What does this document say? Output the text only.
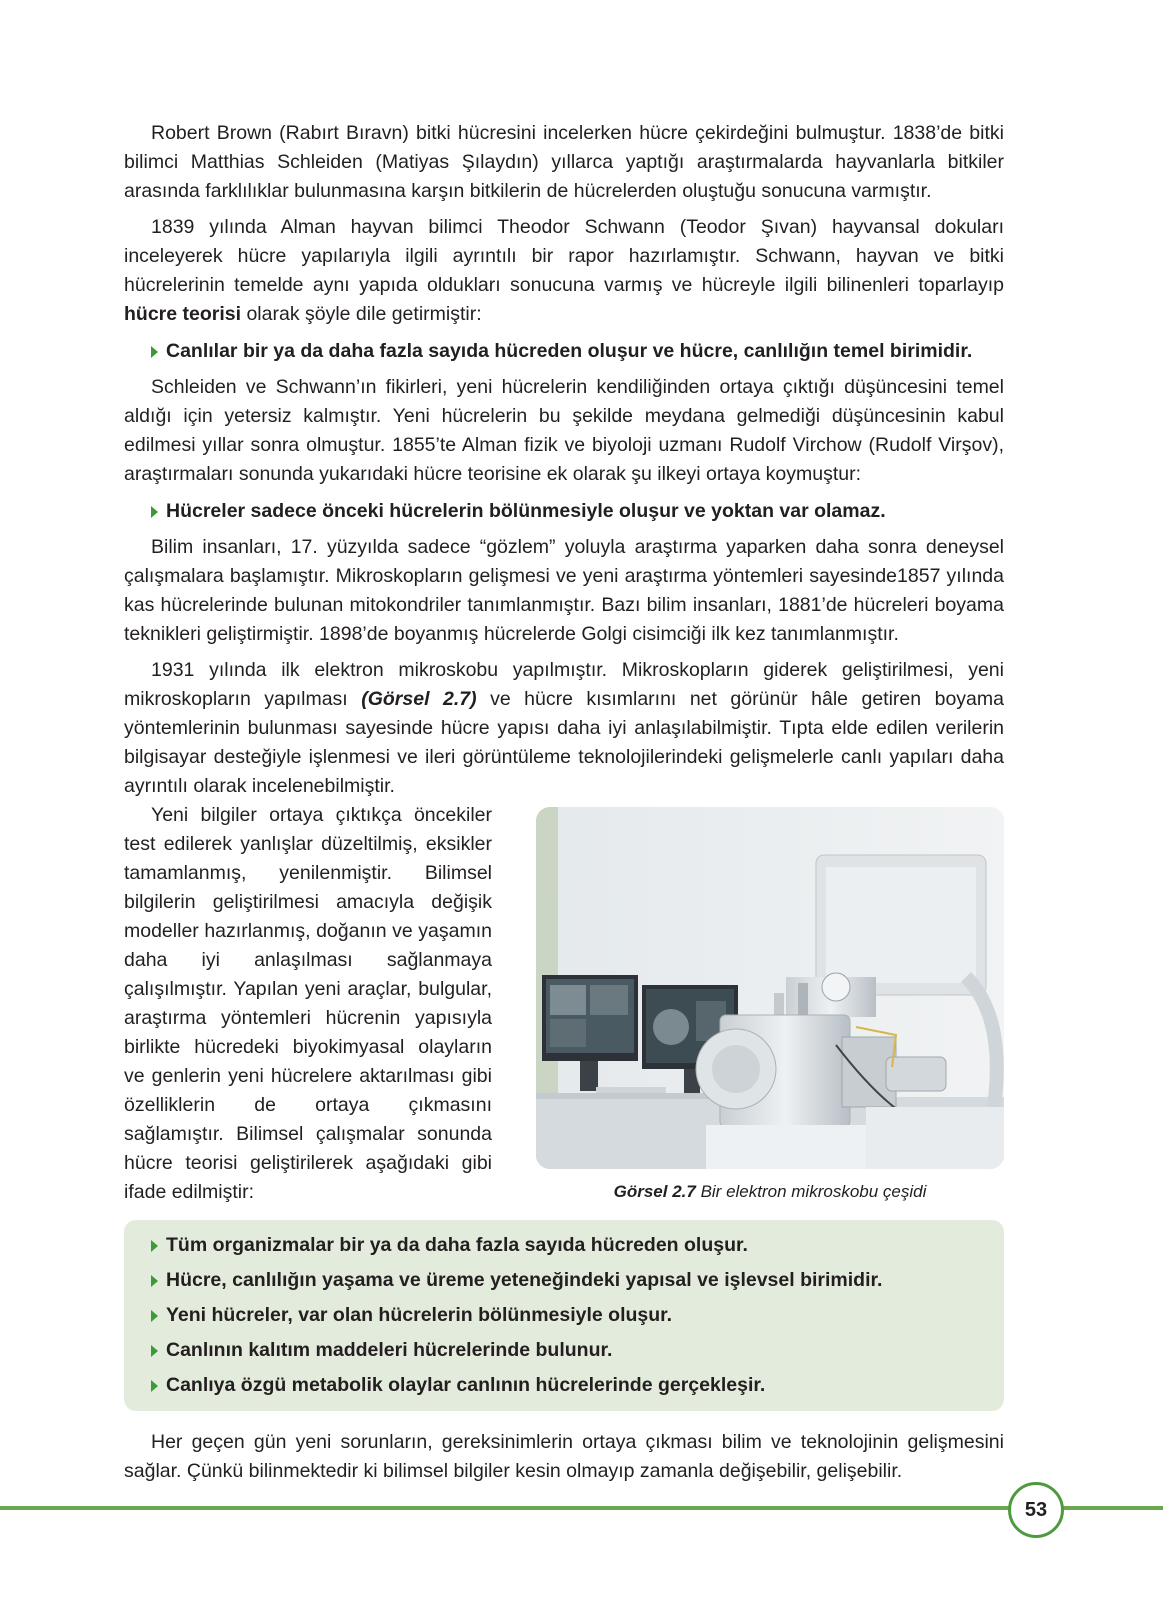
Robert Brown (Rabırt Bıravn) bitki hücresini incelerken hücre çekirdeğini bulmuştur. 1838’de bitki bilimci Matthias Schleiden (Matiyas Şılaydın) yıllarca yaptığı araştırmalarda hayvanlarla bitkiler arasında farklılıklar bulunmasına karşın bitkilerin de hücrelerden oluştuğu sonucuna varmıştır.

1839 yılında Alman hayvan bilimci Theodor Schwann (Teodor Şıvan) hayvansal dokuları inceleyerek hücre yapılarıyla ilgili ayrıntılı bir rapor hazırlamıştır. Schwann, hayvan ve bitki hücrelerinin temelde aynı yapıda oldukları sonucuna varmış ve hücreyle ilgili bilinenleri toparlayıp hücre teorisi olarak şöyle dile getirmiştir:

Canlılar bir ya da daha fazla sayıda hücreden oluşur ve hücre, canlılığın temel birimidir.

Schleiden ve Schwann’ın fikirleri, yeni hücrelerin kendiliğinden ortaya çıktığı düşüncesini temel aldığı için yetersiz kalmıştır. Yeni hücrelerin bu şekilde meydana gelmediği düşüncesinin kabul edilmesi yıllar sonra olmuştur. 1855’te Alman fizik ve biyoloji uzmanı Rudolf Virchow (Rudolf Virşov), araştırmaları sonunda yukarıdaki hücre teorisine ek olarak şu ilkeyi ortaya koymuştur:

Hücreler sadece önceki hücrelerin bölünmesiyle oluşur ve yoktan var olamaz.

Bilim insanları, 17. yüzyılda sadece “gözlem” yoluyla araştırma yaparken daha sonra deneysel çalışmalara başlamıştır. Mikroskopların gelişmesi ve yeni araştırma yöntemleri sayesinde1857 yılında kas hücrelerinde bulunan mitokondriler tanımlanmıştır. Bazı bilim insanları, 1881’de hücreleri boyama teknikleri geliştirmiştir. 1898’de boyanmış hücrelerde Golgi cisimciği ilk kez tanımlanmıştır.

1931 yılında ilk elektron mikroskobu yapılmıştır. Mikroskopların giderek geliştirilmesi, yeni mikroskopların yapılması (Görsel 2.7) ve hücre kısımlarını net görünür hâle getiren boyama yöntemlerinin bulunması sayesinde hücre yapısı daha iyi anlaşılabilmiştir. Tıpta elde edilen verilerin bilgisayar desteğiyle işlenmesi ve ileri görüntüleme teknolojilerindeki gelişmelerle canlı yapıları daha ayrıntılı olarak incelenebilmiştir.

Yeni bilgiler ortaya çıktıkça öncekiler test edilerek yanlışlar düzeltilmiş, eksikler tamamlanmış, yenilenmiştir. Bilimsel bilgilerin geliştirilmesi amacıyla değişik modeller hazırlanmış, doğanın ve yaşamın daha iyi anlaşılması sağlanmaya çalışılmıştır. Yapılan yeni araçlar, bulgular, araştırma yöntemleri hücrenin yapısıyla birlikte hücredeki biyokimyasal olayların ve genlerin yeni hücrelere aktarılması gibi özelliklerin de ortaya çıkmasını sağlamıştır. Bilimsel çalışmalar sonunda hücre teorisi geliştirilerek aşağıdaki gibi ifade edilmiştir:	Görsel 2.7 Bir elektron mikroskobu çeşidi
Tüm organizmalar bir ya da daha fazla sayıda hücreden oluşur.
Hücre, canlılığın yaşama ve üreme yeteneğindeki yapısal ve işlevsel birimidir.
Yeni hücreler, var olan hücrelerin bölünmesiyle oluşur.
Canlının kalıtım maddeleri hücrelerinde bulunur.
Canlıya özgü metabolik olaylar canlının hücrelerinde gerçekleşir.

Her geçen gün yeni sorunların, gereksinimlerin ortaya çıkması bilim ve teknolojinin gelişmesini sağlar. Çünkü bilinmektedir ki bilimsel bilgiler kesin olmayıp zamanla değişebilir, gelişebilir.

53
